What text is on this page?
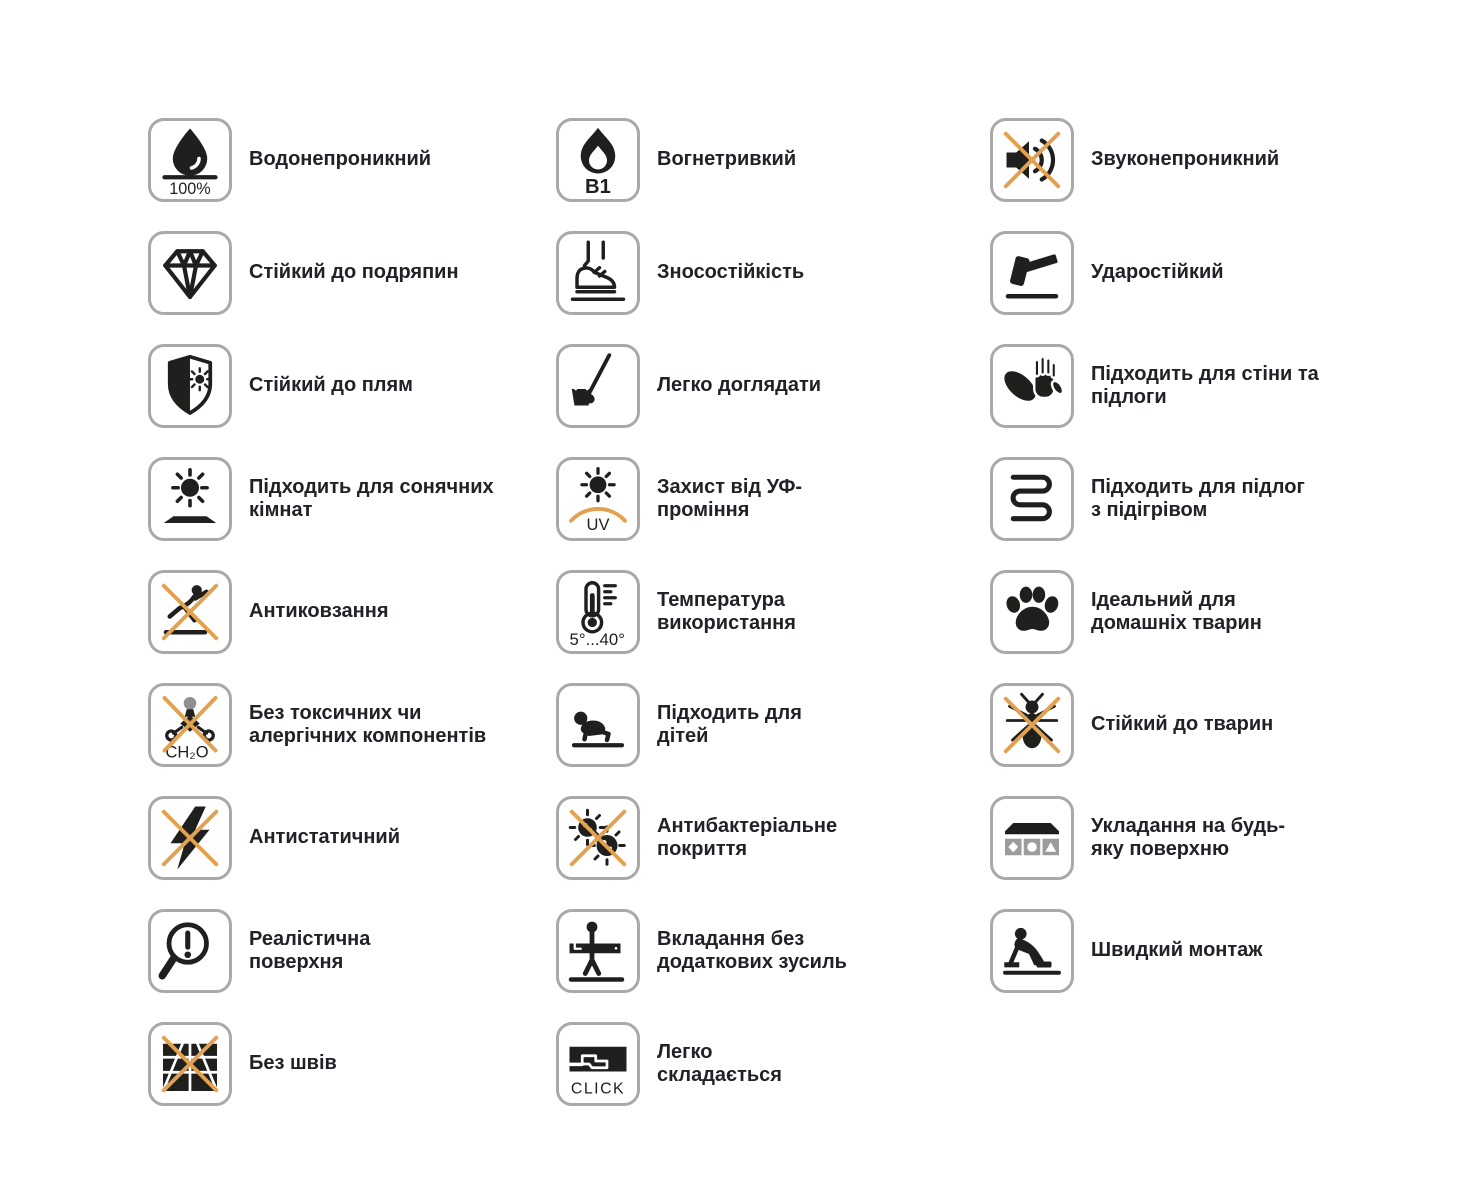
100%
Водонепроникний
Стійкий до подряпин
Стійкий до плям
Підходить для сонячних кімнат
Антиковзання
CH₂O
Без токсичних чи алергічних компонентів
Антистатичний
Реалістична поверхня
Без швів
B1
Вогнетривкий
Зносостійкість
Легко доглядати
UV
Захист від УФ-проміння
5°...40°
Температура використання
Підходить для дітей
Антибактеріальне покриття
Вкладання без додаткових зусиль
CLICK
Легко складається
Звуконепроникний
Ударостійкий
Підходить для стіни та підлоги
Підходить для підлог з підігрівом
Ідеальний для домашніх тварин
Стійкий до тварин
Укладання на будь-яку поверхню
Швидкий монтаж
